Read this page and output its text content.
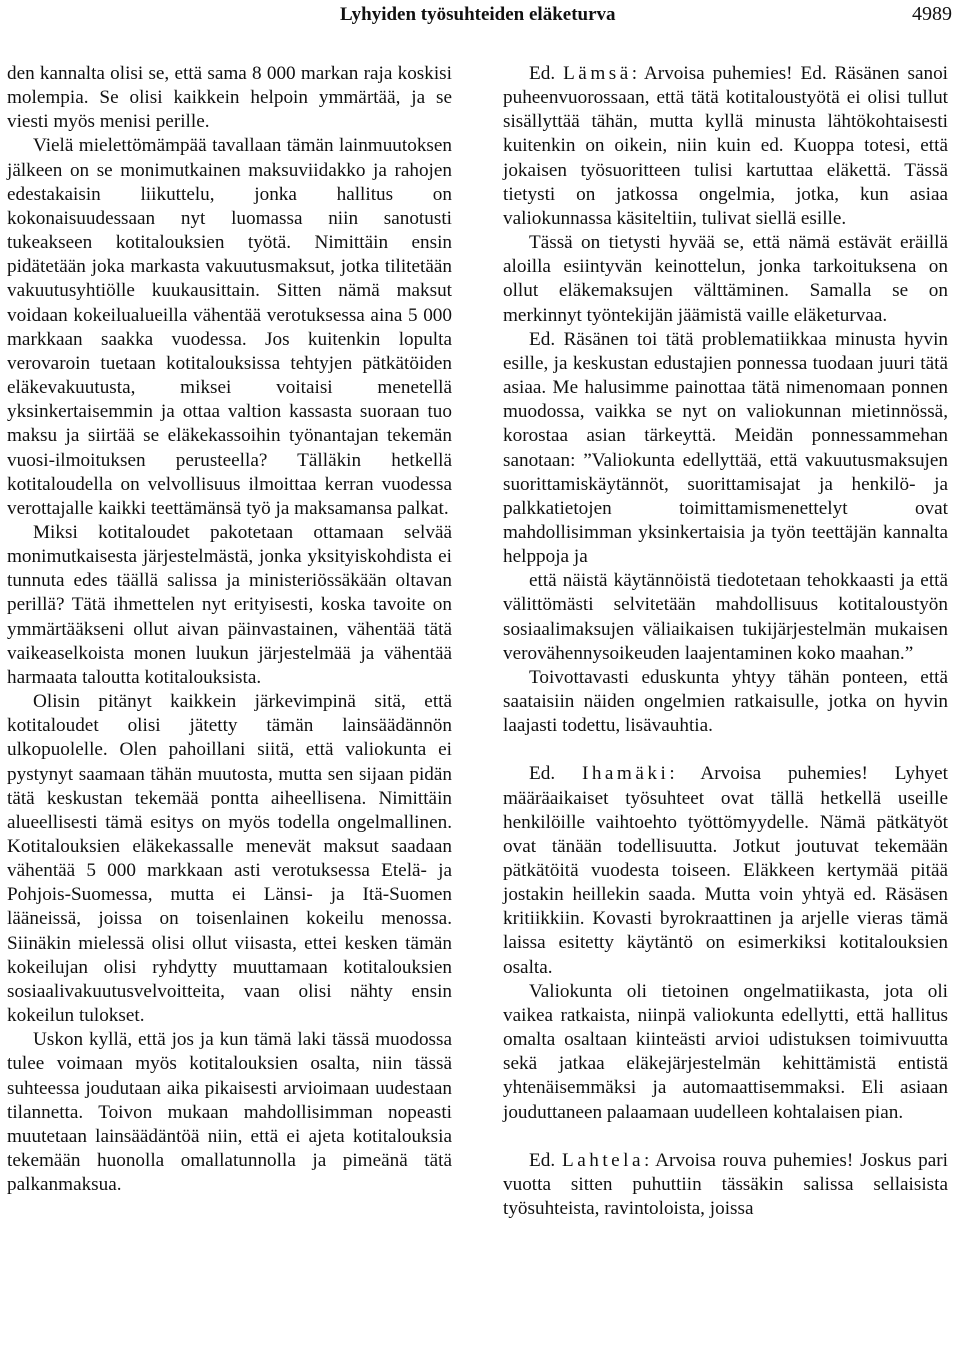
Lyhyiden työsuhteiden eläketurva	4989

den kannalta olisi se, että sama 8 000 markan raja koskisi molempia. Se olisi kaikkein helpoin ymmärtää, ja se viesti myös menisi perille.

Vielä mielettömämpää tavallaan tämän lainmuutoksen jälkeen on se monimutkainen maksuviidakko ja rahojen edestakaisin liikuttelu, jonka hallitus on kokonaisuudessaan nyt luomassa niin sanotusti tukeakseen kotitalouksien työtä. Nimittäin ensin pidätetään joka markasta vakuutusmaksut, jotka tilitetään vakuutusyhtiölle kuukausittain. Sitten nämä maksut voidaan kokeilualueilla vähentää verotuksessa aina 5 000 markkaan saakka vuodessa. Jos kuitenkin lopulta verovaroin tuetaan kotitalouksissa tehtyjen pätkätöiden eläkevakuutusta, miksei voitaisi menetellä yksinkertaisemmin ja ottaa valtion kassasta suoraan tuo maksu ja siirtää se eläkekassoihin työnantajan tekemän vuosi-ilmoituksen perusteella? Tälläkin hetkellä kotitaloudella on velvollisuus ilmoittaa kerran vuodessa verottajalle kaikki teettämänsä työ ja maksamansa palkat.

Miksi kotitaloudet pakotetaan ottamaan selvää monimutkaisesta järjestelmästä, jonka yksityiskohdista ei tunnuta edes täällä salissa ja ministeriössäkään oltavan perillä? Tätä ihmettelen nyt erityisesti, koska tavoite on ymmärtääkseni ollut aivan päinvastainen, vähentää tätä vaikeaselkoista monen luukun järjestelmää ja vähentää harmaata taloutta kotitalouksista.

Olisin pitänyt kaikkein järkevimpinä sitä, että kotitaloudet olisi jätetty tämän lainsäädännön ulkopuolelle. Olen pahoillani siitä, että valiokunta ei pystynyt saamaan tähän muutosta, mutta sen sijaan pidän tätä keskustan tekemää pontta aiheellisena. Nimittäin alueellisesti tämä esitys on myös todella ongelmallinen. Kotitalouksien eläkekassalle menevät maksut saadaan vähentää 5 000 markkaan asti verotuksessa Etelä- ja Pohjois-Suomessa, mutta ei Länsi- ja Itä-Suomen lääneissä, joissa on toisenlainen kokeilu menossa. Siinäkin mielessä olisi ollut viisasta, ettei kesken tämän kokeilujan olisi ryhdytty muuttamaan kotitalouksien sosiaalivakuutusvelvoitteita, vaan olisi nähty ensin kokeilun tulokset.

Uskon kyllä, että jos ja kun tämä laki tässä muodossa tulee voimaan myös kotitalouksien osalta, niin tässä suhteessa joudutaan aika pikaisesti arvioimaan uudestaan tilannetta. Toivon mukaan mahdollisimman nopeasti muutetaan lainsäädäntöä niin, että ei ajeta kotitalouksia tekemään huonolla omallatunnolla ja pimeänä tätä palkanmaksua.

Ed. Lämsä: Arvoisa puhemies! Ed. Räsänen sanoi puheenvuorossaan, että tätä kotitaloustyötä ei olisi tullut sisällyttää tähän, mutta kyllä minusta lähtökohtaisesti kuitenkin on oikein, niin kuin ed. Kuoppa totesi, että jokaisen työsuoritteen tulisi kartuttaa eläkettä. Tässä tietysti on jatkossa ongelmia, jotka, kun asiaa valiokunnassa käsiteltiin, tulivat siellä esille.

Tässä on tietysti hyvää se, että nämä estävät eräillä aloilla esiintyvän keinottelun, jonka tarkoituksena on ollut eläkemaksujen välttäminen. Samalla se on merkinnyt työntekijän jäämistä vaille eläketurvaa.

Ed. Räsänen toi tätä problematiikkaa minusta hyvin esille, ja keskustan edustajien ponnessa tuodaan juuri tätä asiaa. Me halusimme painottaa tätä nimenomaan ponnen muodossa, vaikka se nyt on valiokunnan mietinnössä, korostaa asian tärkeyttä. Meidän ponnessammehan sanotaan: ”Valiokunta edellyttää, että vakuutusmaksujen suorittamiskäytännöt, suorittamisajat ja henkilö- ja palkkatietojen toimittamismenettelyt ovat mahdollisimman yksinkertaisia ja työn teettäjän kannalta helppoja ja

että näistä käytännöistä tiedotetaan tehokkaasti ja että välittömästi selvitetään mahdollisuus kotitaloustyön sosiaalimaksujen väliaikaisen tukijärjestelmän mukaisen verovähennysoikeuden laajentaminen koko maahan.”

Toivottavasti eduskunta yhtyy tähän ponteen, että saataisiin näiden ongelmien ratkaisulle, jotka on hyvin laajasti todettu, lisävauhtia.

Ed. Ihamäki: Arvoisa puhemies! Lyhyet määräaikaiset työsuhteet ovat tällä hetkellä useille henkilöille vaihtoehto työttömyydelle. Nämä pätkätyöt ovat tänään todellisuutta. Jotkut joutuvat tekemään pätkätöitä vuodesta toiseen. Eläkkeen kertymää pitää jostakin heillekin saada. Mutta voin yhtyä ed. Räsäsen kritiikkiin. Kovasti byrokraattinen ja arjelle vieras tämä laissa esitetty käytäntö on esimerkiksi kotitalouksien osalta.

Valiokunta oli tietoinen ongelmatiikasta, jota oli vaikea ratkaista, niinpä valiokunta edellytti, että hallitus omalta osaltaan kiinteästi arvioi udistuksen toimivuutta sekä jatkaa eläkejärjestelmän kehittämistä entistä yhtenäisemmäksi ja automaattisemmaksi. Eli asiaan jouduttaneen palaamaan uudelleen kohtalaisen pian.

Ed. Lahtela: Arvoisa rouva puhemies! Joskus pari vuotta sitten puhuttiin tässäkin salissa sellaisista työsuhteista, ravintoloista, joissa
